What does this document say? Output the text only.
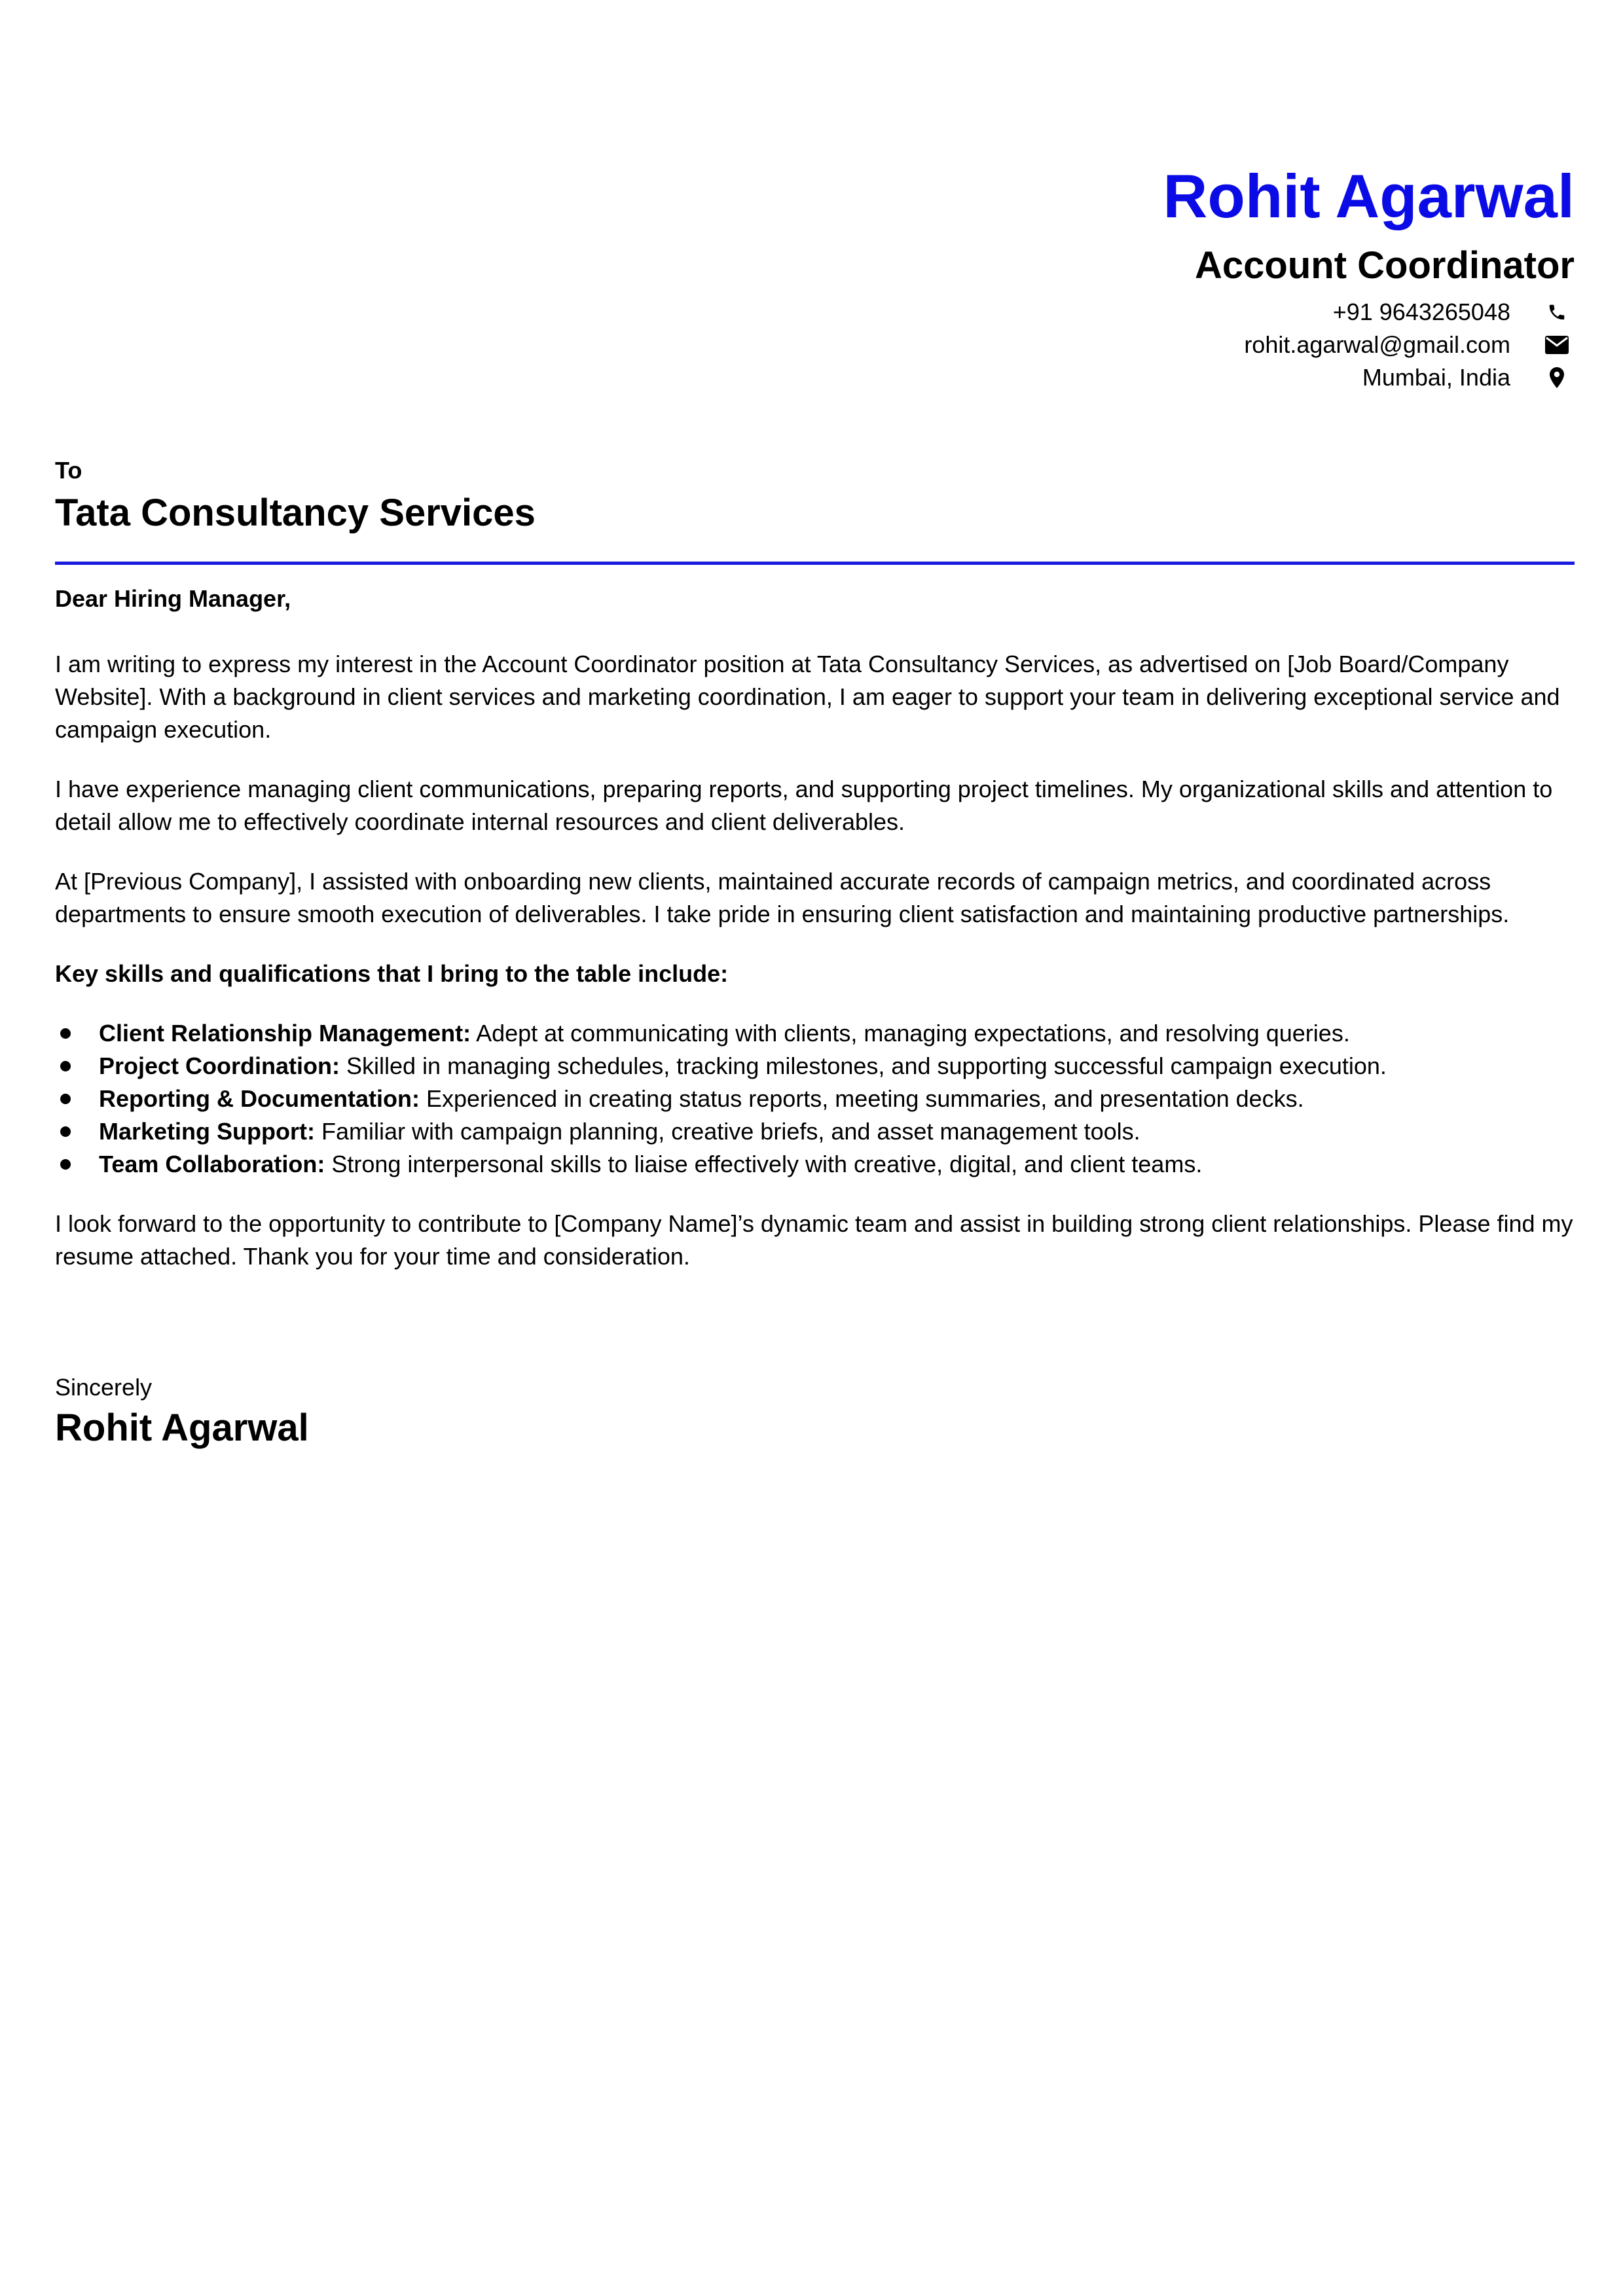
Rohit Agarwal
Account Coordinator
+91 9643265048
rohit.agarwal@gmail.com
Mumbai, India
To
Tata Consultancy Services

Dear Hiring Manager,

I am writing to express my interest in the Account Coordinator position at Tata Consultancy Services, as advertised on [Job Board/Company Website]. With a background in client services and marketing coordination, I am eager to support your team in delivering exceptional service and campaign execution.

I have experience managing client communications, preparing reports, and supporting project timelines. My organizational skills and attention to detail allow me to effectively coordinate internal resources and client deliverables.

At [Previous Company], I assisted with onboarding new clients, maintained accurate records of campaign metrics, and coordinated across departments to ensure smooth execution of deliverables. I take pride in ensuring client satisfaction and maintaining productive partnerships.

Key skills and qualifications that I bring to the table include:

Client Relationship Management: Adept at communicating with clients, managing expectations, and resolving queries.
Project Coordination: Skilled in managing schedules, tracking milestones, and supporting successful campaign execution.
Reporting & Documentation: Experienced in creating status reports, meeting summaries, and presentation decks.
Marketing Support: Familiar with campaign planning, creative briefs, and asset management tools.
Team Collaboration: Strong interpersonal skills to liaise effectively with creative, digital, and client teams.

I look forward to the opportunity to contribute to [Company Name]’s dynamic team and assist in building strong client relationships. Please find my resume attached. Thank you for your time and consideration.

Sincerely
Rohit Agarwal
